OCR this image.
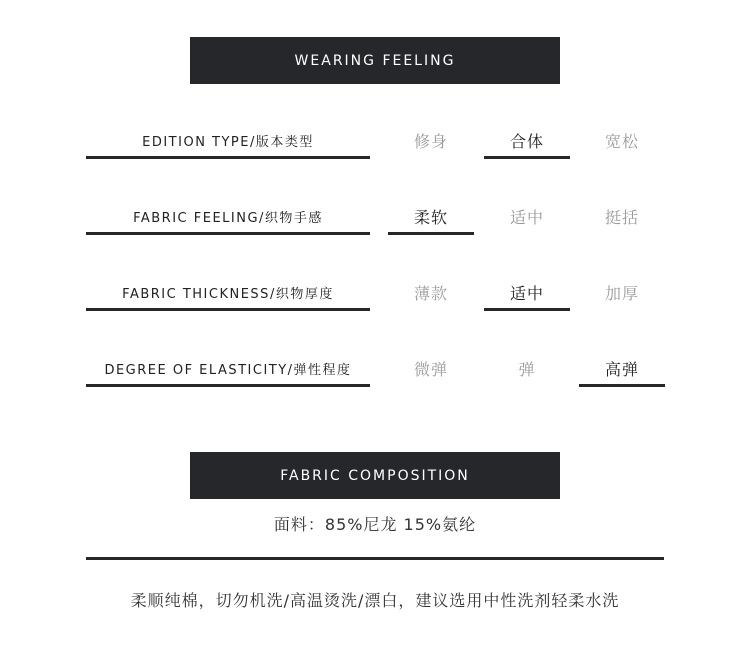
WEARING FEELING
EDITION TYPE/版本类型	修身	合体	宽松
FABRIC FEELING/织物手感	柔软	适中	挺括
FABRIC THICKNESS/织物厚度	薄款	适中	加厚
DEGREE OF ELASTICITY/弹性程度	微弹	弹	高弹
FABRIC COMPOSITION
面料：85%尼龙 15%氨纶
柔顺纯棉，切勿机洗/高温烫洗/漂白，建议选用中性洗剂轻柔水洗
